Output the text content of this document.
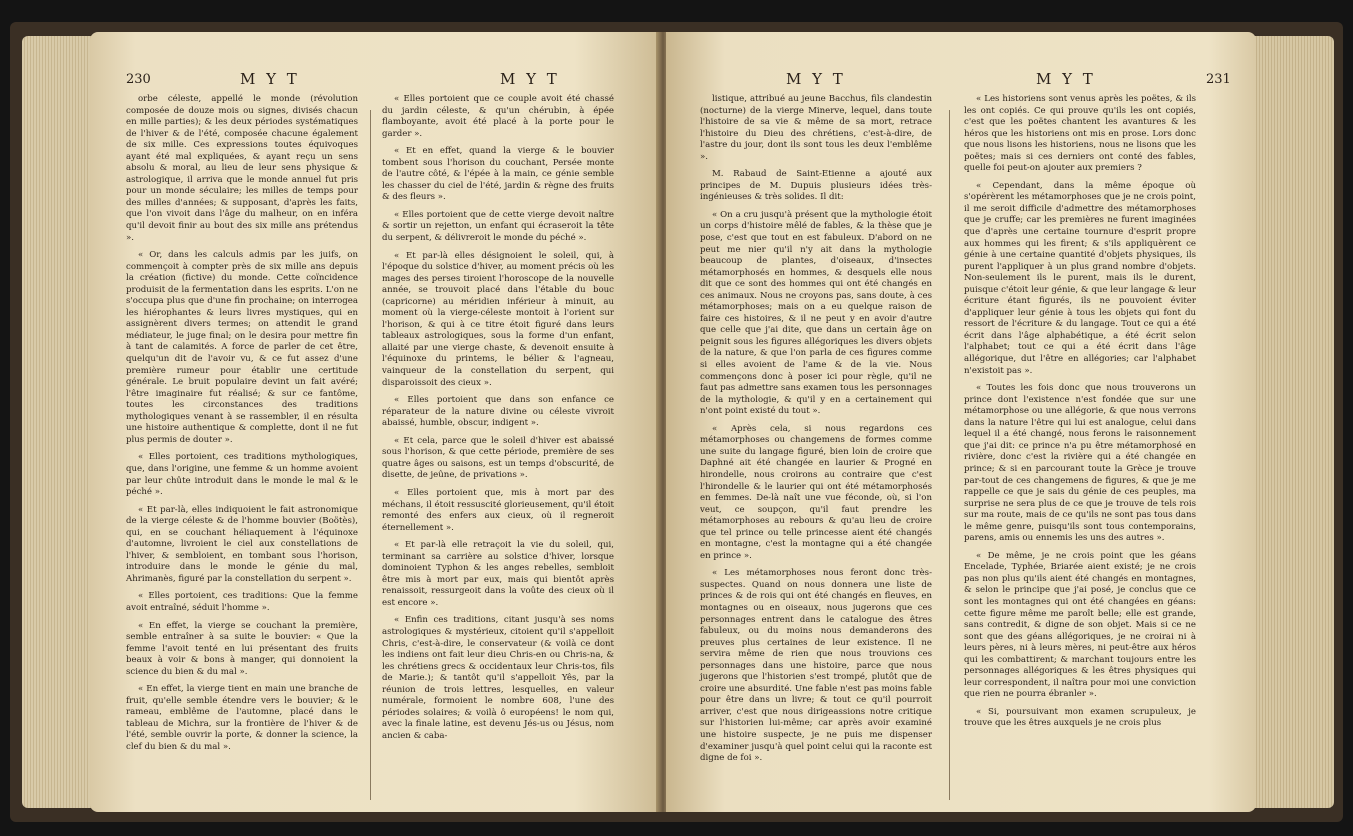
230	M Y T	M Y T

orbe céleste, appellé le monde (révolution composée de douze mois ou signes, divisés chacun en mille parties); & les deux périodes systématiques de l'hiver & de l'été, composée chacune également de six mille. Ces expressions toutes équivoques ayant été mal expliquées, & ayant reçu un sens absolu & moral, au lieu de leur sens physique & astrologique, il arriva que le monde annuel fut pris pour un monde séculaire; les milles de temps pour des milles d'années; & supposant, d'après les faits, que l'on vivoit dans l'âge du malheur, on en inféra qu'il devoit finir au bout des six mille ans prétendus ».

« Or, dans les calculs admis par les juifs, on commençoit à compter près de six mille ans depuis la création (fictive) du monde. Cette coïncidence produisit de la fermentation dans les esprits. L'on ne s'occupa plus que d'une fin prochaine; on interrogea les hiérophantes & leurs livres mystiques, qui en assignèrent divers termes; on attendit le grand médiateur, le juge final; on le desira pour mettre fin à tant de calamités. A force de parler de cet être, quelqu'un dit de l'avoir vu, & ce fut assez d'une première rumeur pour établir une certitude générale. Le bruit populaire devint un fait avéré; l'être imaginaire fut réalisé; & sur ce fantôme, toutes les circonstances des traditions mythologiques venant à se rassembler, il en résulta une histoire authentique & complette, dont il ne fut plus permis de douter ».

« Elles portoient, ces traditions mythologiques, que, dans l'origine, une femme & un homme avoient par leur chûte introduit dans le monde le mal & le péché ».

« Et par-là, elles indiquoient le fait astronomique de la vierge céleste & de l'homme bouvier (Boötès), qui, en se couchant héliaquement à l'équinoxe d'automne, livroient le ciel aux constellations de l'hiver, & sembloient, en tombant sous l'horison, introduire dans le monde le génie du mal, Ahrimanès, figuré par la constellation du serpent ».

« Elles portoient, ces traditions: Que la femme avoit entraîné, séduit l'homme ».

« En effet, la vierge se couchant la première, semble entraîner à sa suite le bouvier: « Que la femme l'avoit tenté en lui présentant des fruits beaux à voir & bons à manger, qui donnoient la science du bien & du mal ».

« En effet, la vierge tient en main une branche de fruit, qu'elle semble étendre vers le bouvier; & le rameau, emblême de l'automne, placé dans le tableau de Michra, sur la frontière de l'hiver & de l'été, semble ouvrir la porte, & donner la science, la clef du bien & du mal ».

« Elles portoient que ce couple avoit été chassé du jardin céleste, & qu'un chérubin, à épée flamboyante, avoit été placé à la porte pour le garder ».

« Et en effet, quand la vierge & le bouvier tombent sous l'horison du couchant, Persée monte de l'autre côté, & l'épée à la main, ce génie semble les chasser du ciel de l'été, jardin & règne des fruits & des fleurs ».

« Elles portoient que de cette vierge devoit naître & sortir un rejetton, un enfant qui écraseroit la tête du serpent, & délivreroit le monde du péché ».

« Et par-là elles désignoient le soleil, qui, à l'époque du solstice d'hiver, au moment précis où les mages des perses tiroient l'horoscope de la nouvelle année, se trouvoit placé dans l'étable du bouc (capricorne) au méridien inférieur à minuit, au moment où la vierge-céleste montoit à l'orient sur l'horison, & qui à ce titre étoit figuré dans leurs tableaux astrologiques, sous la forme d'un enfant, allaité par une vierge chaste, & devenoit ensuite à l'équinoxe du printems, le bélier & l'agneau, vainqueur de la constellation du serpent, qui disparoissoit des cieux ».

« Elles portoient que dans son enfance ce réparateur de la nature divine ou céleste vivroit abaissé, humble, obscur, indigent ».

« Et cela, parce que le soleil d'hiver est abaissé sous l'horison, & que cette période, première de ses quatre âges ou saisons, est un temps d'obscurité, de disette, de jeûne, de privations ».

« Elles portoient que, mis à mort par des méchans, il étoit ressuscité glorieusement, qu'il étoit remonté des enfers aux cieux, où il regneroit éternellement ».

« Et par-là elle retraçoit la vie du soleil, qui, terminant sa carrière au solstice d'hiver, lorsque dominoient Typhon & les anges rebelles, sembloit être mis à mort par eux, mais qui bientôt après renaissoit, ressurgeoit dans la voûte des cieux où il est encore ».

« Enfin ces traditions, citant jusqu'à ses noms astrologiques & mystérieux, citoient qu'il s'appelloit Chris, c'est-à-dire, le conservateur (& voilà ce dont les indiens ont fait leur dieu Chris-en ou Chris-na, & les chrétiens grecs & occidentaux leur Chris-tos, fils de Marie.); & tantôt qu'il s'appelloit Yês, par la réunion de trois lettres, lesquelles, en valeur numérale, formoient le nombre 608, l'une des périodes solaires; & voilà ô européens! le nom qui, avec la finale latine, est devenu Jés-us ou Jésus, nom ancien & caba-

M Y T	M Y T	231

listique, attribué au jeune Bacchus, fils clandestin (nocturne) de la vierge Minerve, lequel, dans toute l'histoire de sa vie & même de sa mort, retrace l'histoire du Dieu des chrétiens, c'est-à-dire, de l'astre du jour, dont ils sont tous les deux l'emblême ».

M. Rabaud de Saint-Etienne a ajouté aux principes de M. Dupuis plusieurs idées très-ingénieuses & très solides. Il dit:

« On a cru jusqu'à présent que la mythologie étoit un corps d'histoire mêlé de fables, & la thèse que je pose, c'est que tout en est fabuleux. D'abord on ne peut me nier qu'il n'y ait dans la mythologie beaucoup de plantes, d'oiseaux, d'insectes métamorphosés en hommes, & desquels elle nous dit que ce sont des hommes qui ont été changés en ces animaux. Nous ne croyons pas, sans doute, à ces métamorphoses; mais on a eu quelque raison de faire ces histoires, & il ne peut y en avoir d'autre que celle que j'ai dite, que dans un certain âge on peignit sous les figures allégoriques les divers objets de la nature, & que l'on parla de ces figures comme si elles avoient de l'ame & de la vie. Nous commençons donc à poser ici pour règle, qu'il ne faut pas admettre sans examen tous les personnages de la mythologie, & qu'il y en a certainement qui n'ont point existé du tout ».

« Après cela, si nous regardons ces métamorphoses ou changemens de formes comme une suite du langage figuré, bien loin de croire que Daphné ait été changée en laurier & Progné en hirondelle, nous croirons au contraire que c'est l'hirondelle & le laurier qui ont été métamorphosés en femmes. De-là naît une vue féconde, où, si l'on veut, ce soupçon, qu'il faut prendre les métamorphoses au rebours & qu'au lieu de croire que tel prince ou telle princesse aient été changés en montagne, c'est la montagne qui a été changée en prince ».

« Les métamorphoses nous feront donc très-suspectes. Quand on nous donnera une liste de princes & de rois qui ont été changés en fleuves, en montagnes ou en oiseaux, nous jugerons que ces personnages entrent dans le catalogue des êtres fabuleux, ou du moins nous demanderons des preuves plus certaines de leur existence. Il ne servira même de rien que nous trouvions ces personnages dans une histoire, parce que nous jugerons que l'historien s'est trompé, plutôt que de croire une absurdité. Une fable n'est pas moins fable pour être dans un livre; & tout ce qu'il pourroit arriver, c'est que nous dirigeassions notre critique sur l'historien lui-même; car après avoir examiné une histoire suspecte, je ne puis me dispenser d'examiner jusqu'à quel point celui qui la raconte est digne de foi ».

« Les historiens sont venus après les poëtes, & ils les ont copiés. Ce qui prouve qu'ils les ont copiés, c'est que les poëtes chantent les avantures & les héros que les historiens ont mis en prose. Lors donc que nous lisons les historiens, nous ne lisons que les poëtes; mais si ces derniers ont conté des fables, quelle foi peut-on ajouter aux premiers ?

« Cependant, dans la même époque où s'opérèrent les métamorphoses que je ne crois point, il me seroit difficile d'admettre des métamorphoses que je cruffe; car les premières ne furent imaginées que d'après une certaine tournure d'esprit propre aux hommes qui les firent; & s'ils appliquèrent ce génie à une certaine quantité d'objets physiques, ils purent l'appliquer à un plus grand nombre d'objets. Non-seulement ils le purent, mais ils le durent, puisque c'étoit leur génie, & que leur langage & leur écriture étant figurés, ils ne pouvoient éviter d'appliquer leur génie à tous les objets qui font du ressort de l'écriture & du langage. Tout ce qui a été écrit dans l'âge alphabétique, a été écrit selon l'alphabet; tout ce qui a été écrit dans l'âge allégorique, dut l'être en allégories; car l'alphabet n'existoit pas ».

« Toutes les fois donc que nous trouverons un prince dont l'existence n'est fondée que sur une métamorphose ou une allégorie, & que nous verrons dans la nature l'être qui lui est analogue, celui dans lequel il a été changé, nous ferons le raisonnement que j'ai dit: ce prince n'a pu être métamorphosé en rivière, donc c'est la rivière qui a été changée en prince; & si en parcourant toute la Grèce je trouve par-tout de ces changemens de figures, & que je me rappelle ce que je sais du génie de ces peuples, ma surprise ne sera plus de ce que je trouve de tels rois sur ma route, mais de ce qu'ils ne sont pas tous dans le même genre, puisqu'ils sont tous contemporains, parens, amis ou ennemis les uns des autres ».

« De même, je ne crois point que les géans Encelade, Typhée, Briarée aient existé; je ne crois pas non plus qu'ils aient été changés en montagnes, & selon le principe que j'ai posé, je conclus que ce sont les montagnes qui ont été changées en géans: cette figure même me paroît belle; elle est grande, sans contredit, & digne de son objet. Mais si ce ne sont que des géans allégoriques, je ne croirai ni à leurs pères, ni à leurs mères, ni peut-être aux héros qui les combattirent; & marchant toujours entre les personnages allégoriques & les êtres physiques qui leur correspondent, il naîtra pour moi une conviction que rien ne pourra ébranler ».

« Si, poursuivant mon examen scrupuleux, je trouve que les êtres auxquels je ne crois plus
